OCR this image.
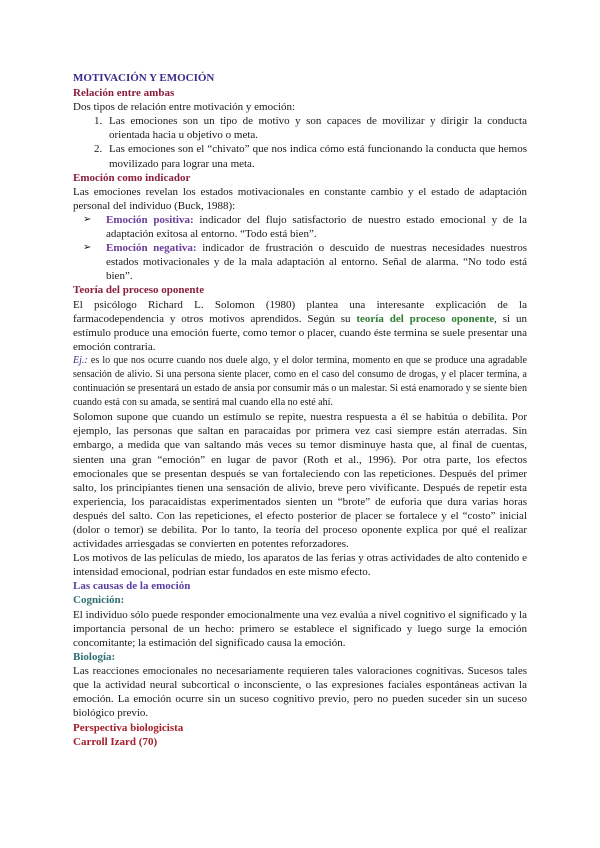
MOTIVACIÓN Y EMOCIÓN

Relación entre ambas

Dos tipos de relación entre motivación y emoción:

1. Las emociones son un tipo de motivo y son capaces de movilizar y dirigir la conducta orientada hacia u objetivo o meta.
2. Las emociones son el “chivato” que nos indica cómo está funcionando la conducta que hemos movilizado para lograr una meta.

Emoción como indicador

Las emociones revelan los estados motivacionales en constante cambio y el estado de adaptación personal del individuo (Buck, 1988):

➢ Emoción positiva: indicador del flujo satisfactorio de nuestro estado emocional y de la adaptación exitosa al entorno. “Todo está bien”.
➢ Emoción negativa: indicador de frustración o descuido de nuestras necesidades nuestros estados motivacionales y de la mala adaptación al entorno. Señal de alarma. “No todo está bien”.

Teoría del proceso oponente

El psicólogo Richard L. Solomon (1980) plantea una interesante explicación de la farmacodependencia y otros motivos aprendidos. Según su teoría del proceso oponente, si un estímulo produce una emoción fuerte, como temor o placer, cuando éste termina se suele presentar una emoción contraria.

Ej.: es lo que nos ocurre cuando nos duele algo, y el dolor termina, momento en que se produce una agradable sensación de alivio. Si una persona siente placer, como en el caso del consumo de drogas, y el placer termina, a continuación se presentará un estado de ansia por consumir más o un malestar. Si está enamorado y se siente bien cuando está con su amada, se sentirá mal cuando ella no esté ahí.

Solomon supone que cuando un estímulo se repite, nuestra respuesta a él se habitúa o debilita. Por ejemplo, las personas que saltan en paracaídas por primera vez casi siempre están aterradas. Sin embargo, a medida que van saltando más veces su temor disminuye hasta que, al final de cuentas, sienten una gran “emoción” en lugar de pavor (Roth et al., 1996). Por otra parte, los efectos emocionales que se presentan después se van fortaleciendo con las repeticiones. Después del primer salto, los principiantes tienen una sensación de alivio, breve pero vivificante. Después de repetir esta experiencia, los paracaidistas experimentados sienten un “brote” de euforia que dura varias horas después del salto. Con las repeticiones, el efecto posterior de placer se fortalece y el “costo” inicial (dolor o temor) se debilita. Por lo tanto, la teoría del proceso oponente explica por qué el realizar actividades arriesgadas se convierten en potentes reforzadores.

Los motivos de las películas de miedo, los aparatos de las ferias y otras actividades de alto contenido e intensidad emocional, podrían estar fundados en este mismo efecto.

Las causas de la emoción

Cognición:

El individuo sólo puede responder emocionalmente una vez evalúa a nivel cognitivo el significado y la importancia personal de un hecho: primero se establece el significado y luego surge la emoción concomitante; la estimación del significado causa la emoción.

Biología:

Las reacciones emocionales no necesariamente requieren tales valoraciones cognitivas. Sucesos tales que la actividad neural subcortical o inconsciente, o las expresiones faciales espontáneas activan la emoción. La emoción ocurre sin un suceso cognitivo previo, pero no pueden suceder sin un suceso biológico previo.

Perspectiva biologicista

Carroll Izard (70)
